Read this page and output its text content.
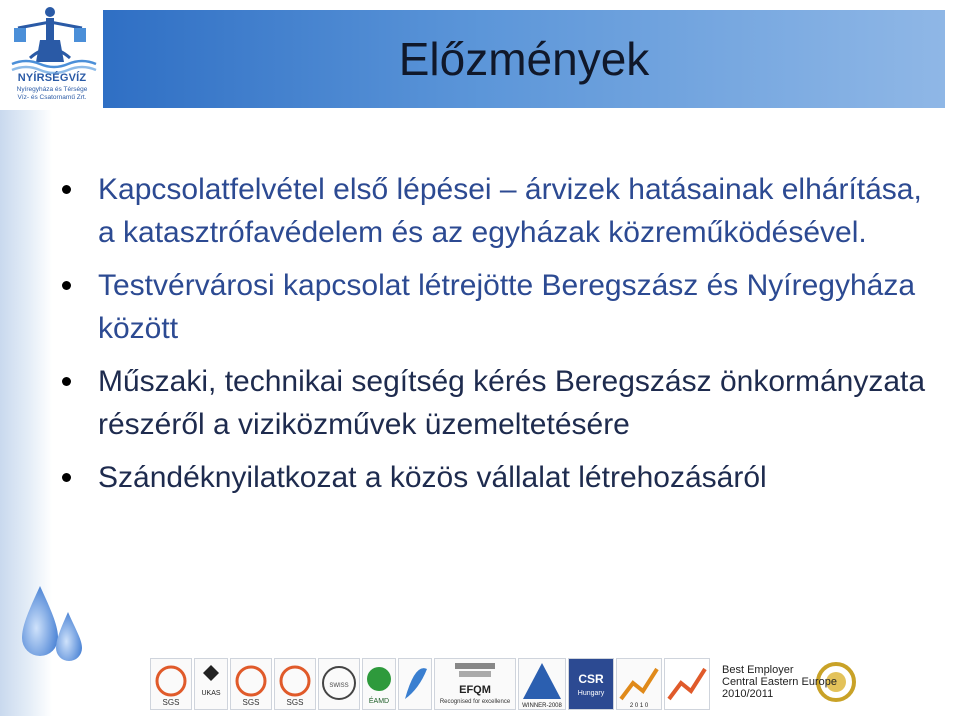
NYÍRSÉGVÍZ
Nyíregyháza és Térsége
Víz- és Csatornamű Zrt.
Előzmények
Kapcsolatfelvétel első lépései – árvizek hatásainak elhárítása, a katasztrófavédelem és az egyházak közreműködésével.
Testvérvárosi kapcsolat létrejötte Beregszász és Nyíregyháza között
Műszaki, technikai segítség kérés Beregszász önkormányzata részéről a viziközművek üzemeltetésére
Szándéknyilatkozat a közös vállalat létrehozásáról
SGS
UKAS
SGS	SGS
SWISS
ÉAMD
EFQM
Recognised for excellence
WINNER-2008
CSR
Hungary
2 0 1 0
Best Employer
Central Eastern Europe
2010/2011
